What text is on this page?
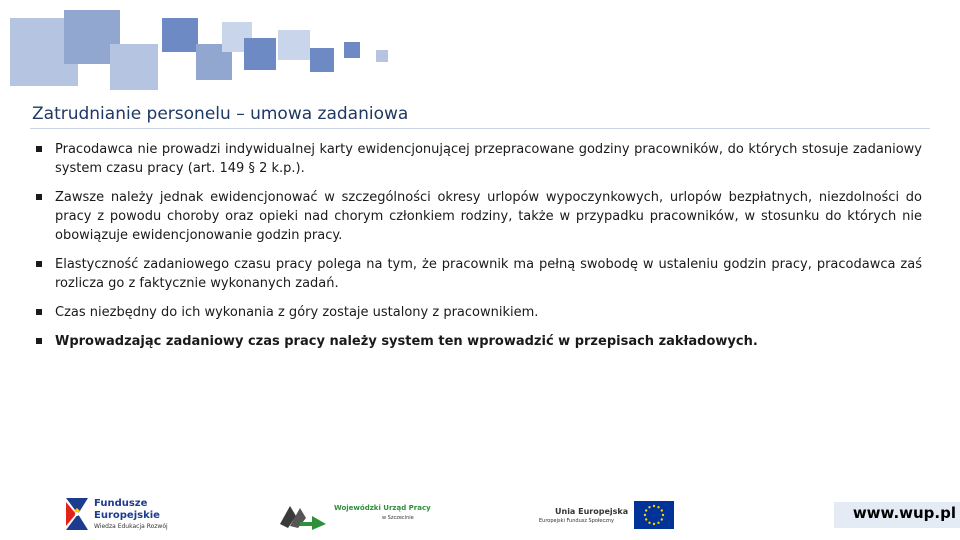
Zatrudnianie personelu – umowa zadaniowa
Pracodawca nie prowadzi indywidualnej karty ewidencjonującej przepracowane godziny pracowników, do których stosuje zadaniowy system czasu pracy (art. 149 § 2 k.p.).
Zawsze należy jednak ewidencjonować w szczególności okresy urlopów wypoczynkowych, urlopów bezpłatnych, niezdolności do pracy z powodu choroby oraz opieki nad chorym członkiem rodziny, także w przypadku pracowników, w stosunku do których nie obowiązuje ewidencjonowanie godzin pracy.
Elastyczność zadaniowego czasu pracy polega na tym, że pracownik ma pełną swobodę w ustaleniu godzin pracy, pracodawca zaś rozlicza go z faktycznie wykonanych zadań.
Czas niezbędny do ich wykonania z góry zostaje ustalony z pracownikiem.
Wprowadzając zadaniowy czas pracy należy system ten wprowadzić w przepisach zakładowych.
Fundusze
Europejskie
Wiedza Edukacja Rozwój
Wojewódzki Urząd Pracy
w Szczecinie
Unia Europejska
Europejski Fundusz Społeczny	www.wup.pl
